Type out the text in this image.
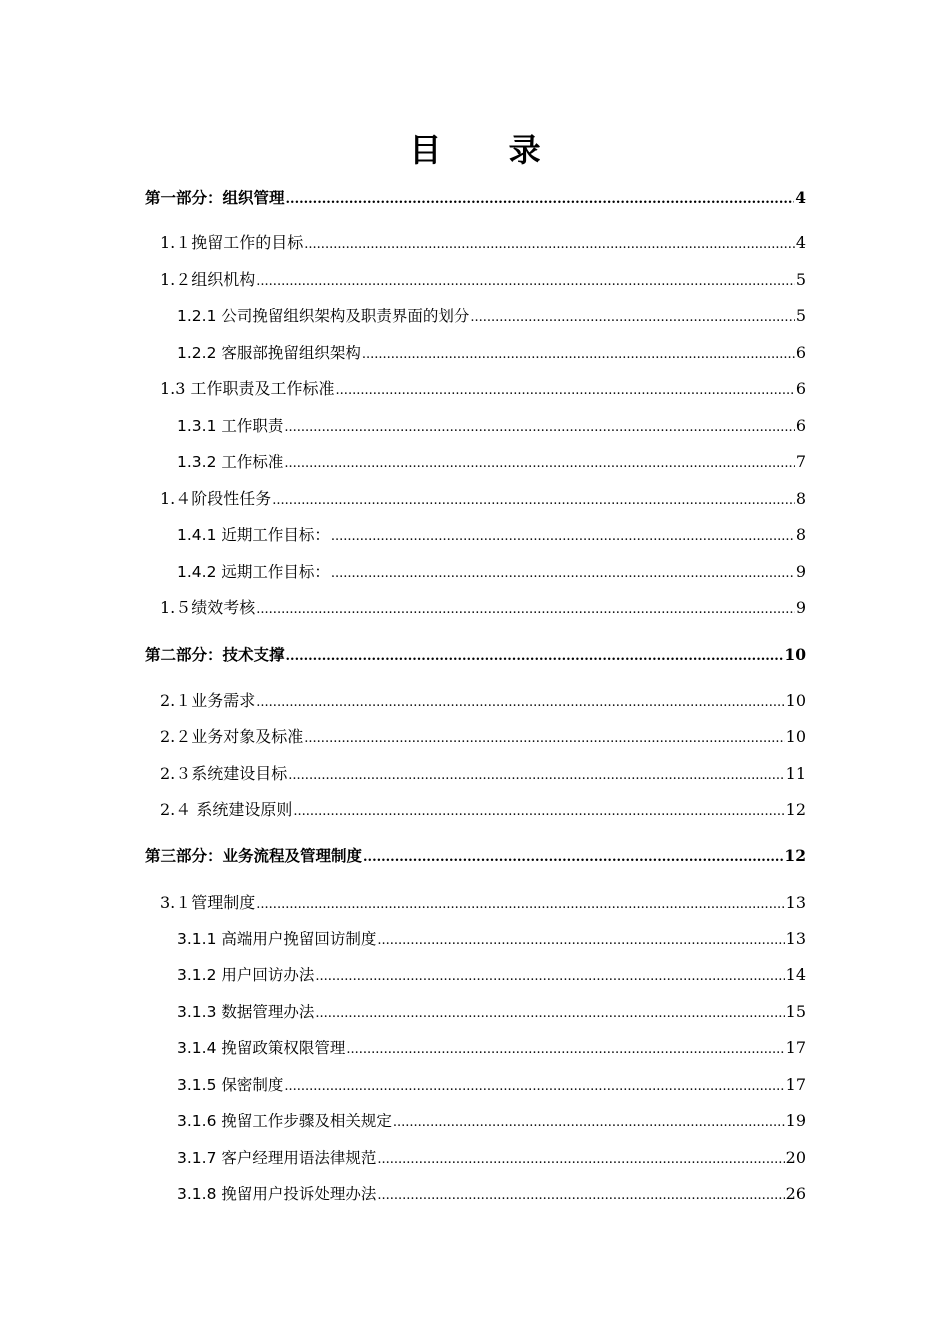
目 录
第一部分：组织管理 .....	4
1.１挽留工作的目标 .....	4
1.２组织机构 .....	5
1.2.1 公司挽留组织架构及职责界面的划分 .....	5
1.2.2 客服部挽留组织架构 .....	6
1.3 工作职责及工作标准 .....	6
1.3.1 工作职责 .....	6
1.3.2 工作标准 .....	7
1.４阶段性任务 .....	8
1.4.1 近期工作目标： .....	8
1.4.2 远期工作目标： .....	9
1.５绩效考核 .....	9
第二部分：技术支撑 .....	10
2.１业务需求 .....	10
2.２业务对象及标准 .....	10
2.３系统建设目标 .....	11
2.４ 系统建设原则 .....	12
第三部分：业务流程及管理制度 .....	12
3.１管理制度 .....	13
3.1.1 高端用户挽留回访制度 .....	13
3.1.2 用户回访办法 .....	14
3.1.3 数据管理办法 .....	15
3.1.4 挽留政策权限管理 .....	17
3.1.5 保密制度 .....	17
3.1.6 挽留工作步骤及相关规定 .....	19
3.1.7 客户经理用语法律规范 .....	20
3.1.8 挽留用户投诉处理办法 .....	26
